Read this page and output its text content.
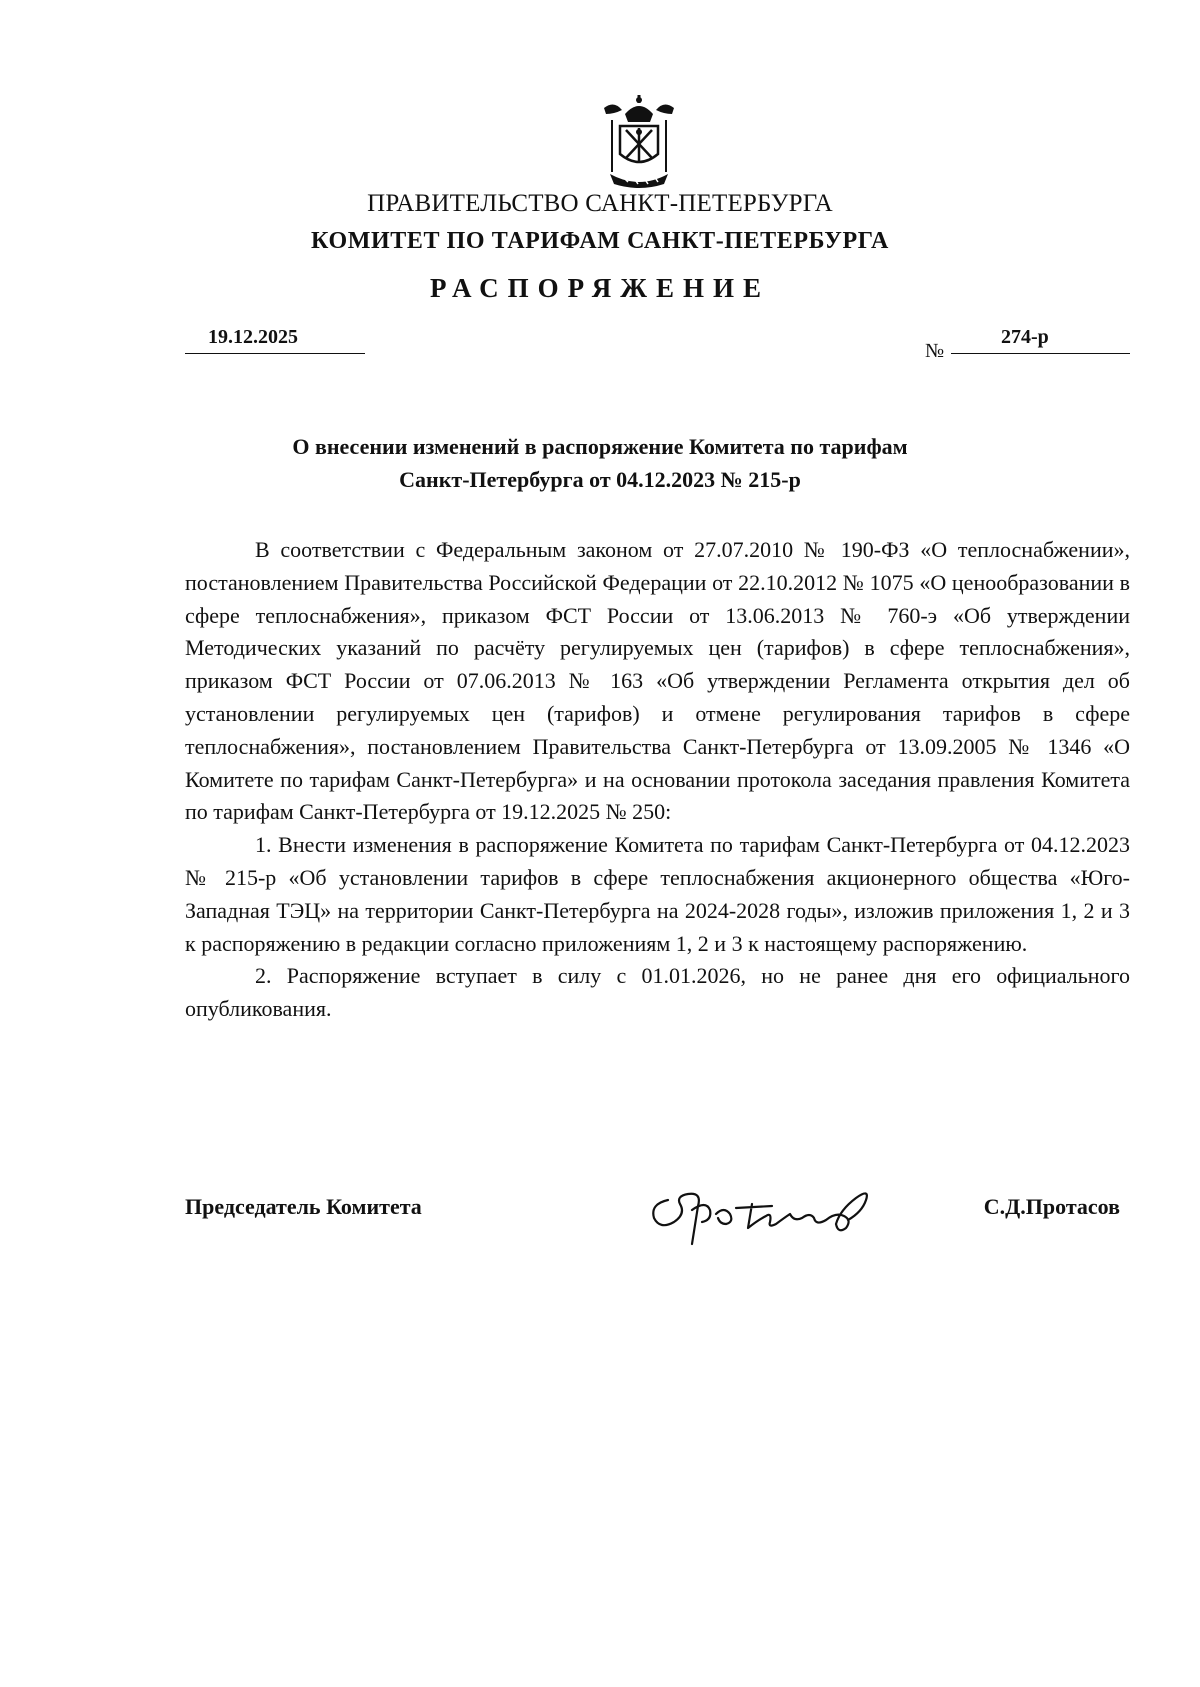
ПРАВИТЕЛЬСТВО САНКТ-ПЕТЕРБУРГА
КОМИТЕТ ПО ТАРИФАМ САНКТ-ПЕТЕРБУРГА
РАСПОРЯЖЕНИЕ
19.12.2025
№
274-р
О внесении изменений в распоряжение Комитета по тарифам
Санкт-Петербурга от 04.12.2023 № 215-р

В соответствии с Федеральным законом от 27.07.2010 № 190-ФЗ «О теплоснабжении», постановлением Правительства Российской Федерации от 22.10.2012 № 1075 «О ценообразовании в сфере теплоснабжения», приказом ФСТ России от 13.06.2013 № 760-э «Об утверждении Методических указаний по расчёту регулируемых цен (тарифов) в сфере теплоснабжения», приказом ФСТ России от 07.06.2013 № 163 «Об утверждении Регламента открытия дел об установлении регулируемых цен (тарифов) и отмене регулирования тарифов в сфере теплоснабжения», постановлением Правительства Санкт-Петербурга от 13.09.2005 № 1346 «О Комитете по тарифам Санкт-Петербурга» и на основании протокола заседания правления Комитета по тарифам Санкт-Петербурга от 19.12.2025 № 250:

1. Внести изменения в распоряжение Комитета по тарифам Санкт-Петербурга от 04.12.2023 № 215-р «Об установлении тарифов в сфере теплоснабжения акционерного общества «Юго-Западная ТЭЦ» на территории Санкт-Петербурга на 2024-2028 годы», изложив приложения 1, 2 и 3 к распоряжению в редакции согласно приложениям 1, 2 и 3 к настоящему распоряжению.

2. Распоряжение вступает в силу с 01.01.2026, но не ранее дня его официального опубликования.

Председатель Комитета	С.Д.Протасов
